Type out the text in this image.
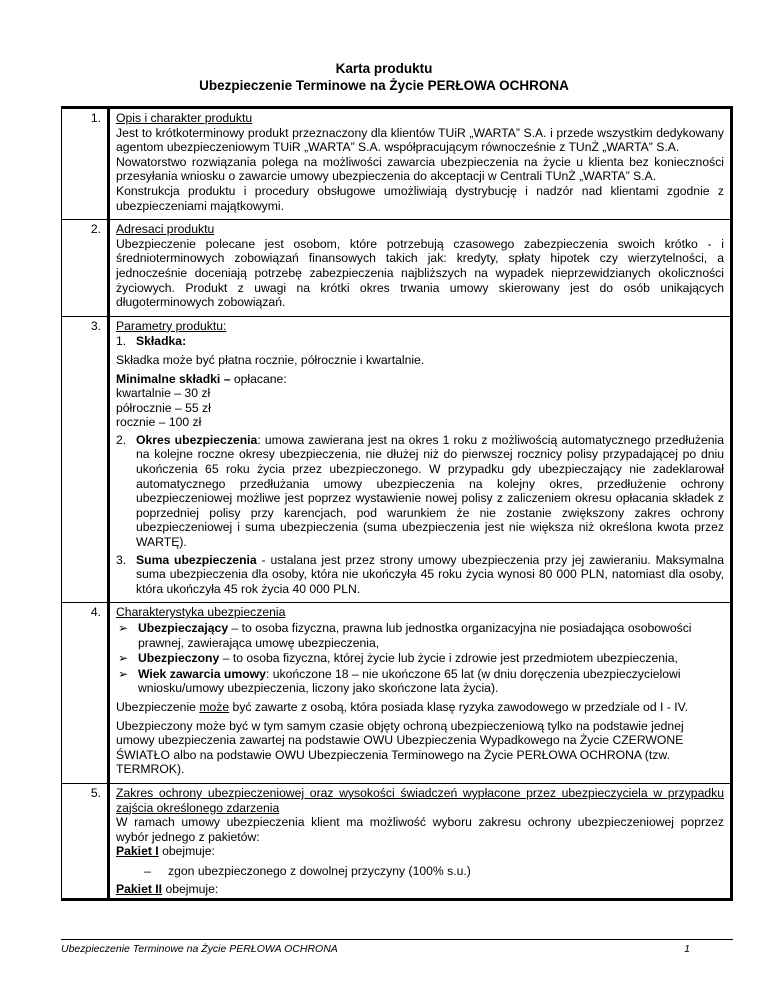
Karta produktu
Ubezpieczenie Terminowe na Życie PERŁOWA OCHRONA
1.	Opis i charakter produktu

Jest to krótkoterminowy produkt przeznaczony dla klientów TUiR „WARTA” S.A. i przede wszystkim dedykowany agentom ubezpieczeniowym TUiR „WARTA” S.A. współpracującym równocześnie z TUnŻ „WARTA” S.A.

Nowatorstwo rozwiązania polega na możliwości zawarcia ubezpieczenia na życie u klienta bez konieczności przesyłania wniosku o zawarcie umowy ubezpieczenia do akceptacji w Centrali TUnŻ „WARTA” S.A.

Konstrukcja produktu i procedury obsługowe umożliwiają dystrybucję i nadzór nad klientami zgodnie z ubezpieczeniami majątkowymi.

2.	Adresaci produktu

Ubezpieczenie polecane jest osobom, które potrzebują czasowego zabezpieczenia swoich krótko - i średnioterminowych zobowiązań finansowych takich jak: kredyty, spłaty hipotek czy wierzytelności, a jednocześnie doceniają potrzebę zabezpieczenia najbliższych na wypadek nieprzewidzianych okoliczności życiowych. Produkt z uwagi na krótki okres trwania umowy skierowany jest do osób unikających długoterminowych zobowiązań.

3.	Parametry produktu:

1. Składka:

Składka może być płatna rocznie, półrocznie i kwartalnie.

Minimalne składki – opłacane:

kwartalnie – 30 zł

półrocznie – 55 zł

rocznie – 100 zł

2. Okres ubezpieczenia: umowa zawierana jest na okres 1 roku z możliwością automatycznego przedłużenia na kolejne roczne okresy ubezpieczenia, nie dłużej niż do pierwszej rocznicy polisy przypadającej po dniu ukończenia 65 roku życia przez ubezpieczonego. W przypadku gdy ubezpieczający nie zadeklarował automatycznego przedłużania umowy ubezpieczenia na kolejny okres, przedłużenie ochrony ubezpieczeniowej możliwe jest poprzez wystawienie nowej polisy z zaliczeniem okresu opłacania składek z poprzedniej polisy przy karencjach, pod warunkiem że nie zostanie zwiększony zakres ochrony ubezpieczeniowej i suma ubezpieczenia (suma ubezpieczenia jest nie większa niż określona kwota przez WARTĘ).
3. Suma ubezpieczenia - ustalana jest przez strony umowy ubezpieczenia przy jej zawieraniu. Maksymalna suma ubezpieczenia dla osoby, która nie ukończyła 45 roku życia wynosi 80 000 PLN, natomiast dla osoby, która ukończyła 45 rok życia 40 000 PLN.
4.	Charakterystyka ubezpieczenia

➢ Ubezpieczający – to osoba fizyczna, prawna lub jednostka organizacyjna nie posiadająca osobowości prawnej, zawierająca umowę ubezpieczenia,
➢ Ubezpieczony – to osoba fizyczna, której życie lub życie i zdrowie jest przedmiotem ubezpieczenia,
➢ Wiek zawarcia umowy: ukończone 18 – nie ukończone 65 lat (w dniu doręczenia ubezpieczycielowi wniosku/umowy ubezpieczenia, liczony jako skończone lata życia).

Ubezpieczenie może być zawarte z osobą, która posiada klasę ryzyka zawodowego w przedziale od I - IV.

Ubezpieczony może być w tym samym czasie objęty ochroną ubezpieczeniową tylko na podstawie jednej umowy ubezpieczenia zawartej na podstawie OWU Ubezpieczenia Wypadkowego na Życie CZERWONE ŚWIATŁO albo na podstawie OWU Ubezpieczenia Terminowego na Życie PERŁOWA OCHRONA (tzw. TERMROK).

5.	Zakres ochrony ubezpieczeniowej oraz wysokości świadczeń wypłacone przez ubezpieczyciela w przypadku zajścia określonego zdarzenia

W ramach umowy ubezpieczenia klient ma możliwość wyboru zakresu ochrony ubezpieczeniowej poprzez wybór jednego z pakietów:

Pakiet I obejmuje:

–	zgon ubezpieczonego z dowolnej przyczyny (100% s.u.)

Pakiet II obejmuje:

Ubezpieczenie Terminowe na Życie PERŁOWA OCHRONA	1
